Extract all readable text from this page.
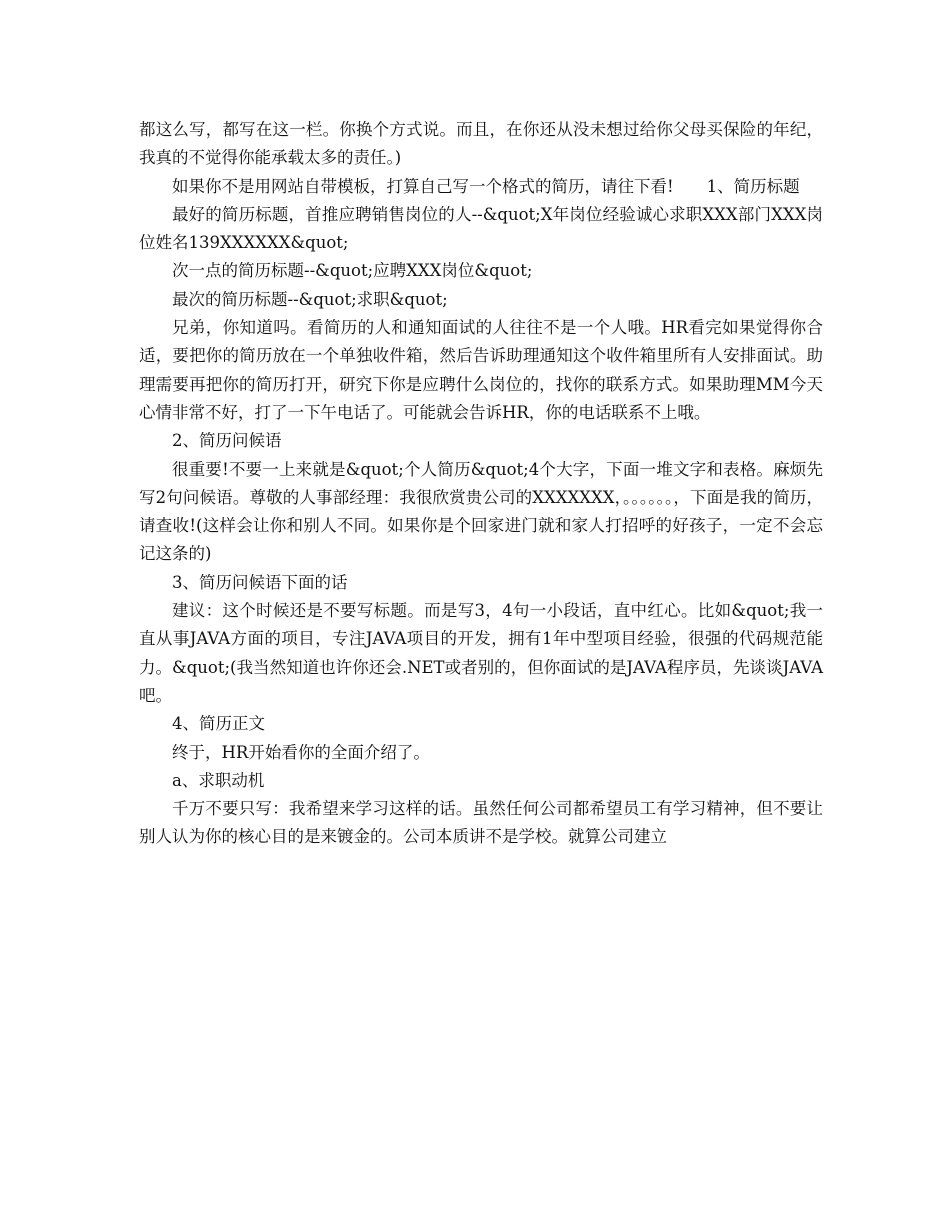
都这么写，都写在这一栏。你换个方式说。而且，在你还从没未想过给你父母买保险的年纪，我真的不觉得你能承载太多的责任。)

如果你不是用网站自带模板，打算自己写一个格式的简历，请往下看!　　1、简历标题

最好的简历标题，首推应聘销售岗位的人--&quot;X年岗位经验诚心求职XXX部门XXX岗位姓名139XXXXXX&quot;

次一点的简历标题--&quot;应聘XXX岗位&quot;

最次的简历标题--&quot;求职&quot;

兄弟，你知道吗。看简历的人和通知面试的人往往不是一个人哦。HR看完如果觉得你合适，要把你的简历放在一个单独收件箱，然后告诉助理通知这个收件箱里所有人安排面试。助理需要再把你的简历打开，研究下你是应聘什么岗位的，找你的联系方式。如果助理MM今天心情非常不好，打了一下午电话了。可能就会告诉HR，你的电话联系不上哦。

2、简历问候语

很重要!不要一上来就是&quot;个人简历&quot;4个大字，下面一堆文字和表格。麻烦先写2句问候语。尊敬的人事部经理：我很欣赏贵公司的XXXXXXX，。。。。。。，下面是我的简历，请查收!(这样会让你和别人不同。如果你是个回家进门就和家人打招呼的好孩子，一定不会忘记这条的)

3、简历问候语下面的话

建议：这个时候还是不要写标题。而是写3，4句一小段话，直中红心。比如&quot;我一直从事JAVA方面的项目，专注JAVA项目的开发，拥有1年中型项目经验，很强的代码规范能力。&quot;(我当然知道也许你还会.NET或者别的，但你面试的是JAVA程序员，先谈谈JAVA吧。

4、简历正文

终于，HR开始看你的全面介绍了。

a、求职动机

千万不要只写：我希望来学习这样的话。虽然任何公司都希望员工有学习精神，但不要让别人认为你的核心目的是来镀金的。公司本质讲不是学校。就算公司建立
